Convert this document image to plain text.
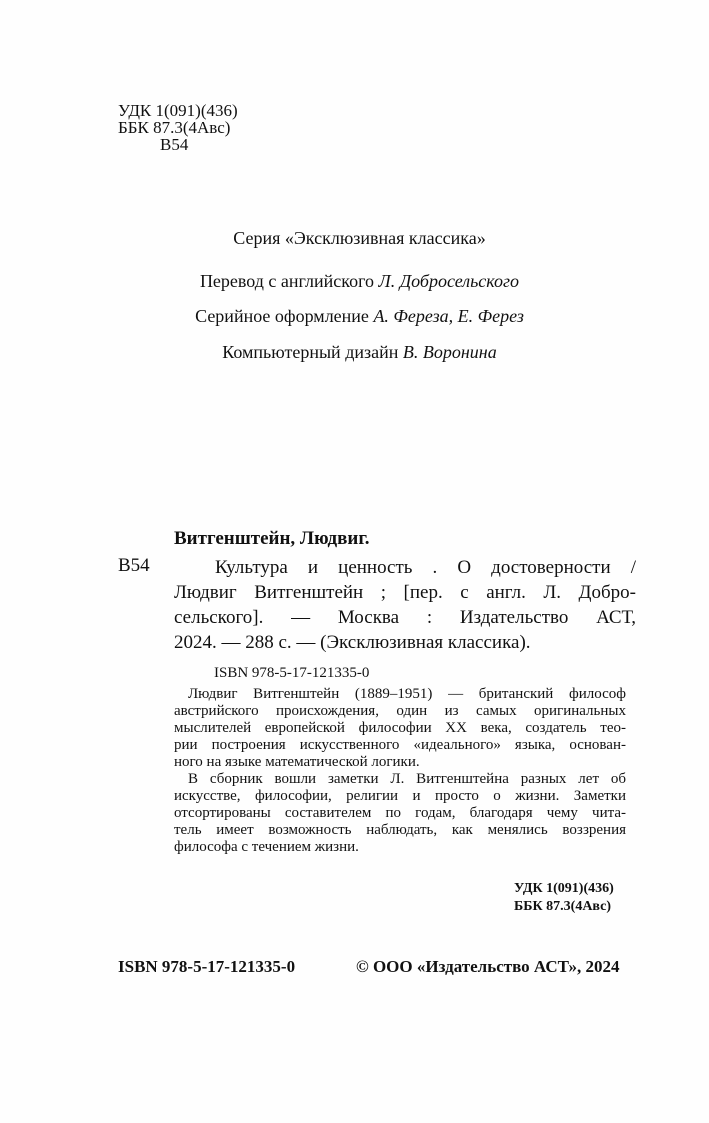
УДК 1(091)(436)
ББК 87.3(4Авс)
В54
Серия «Эксклюзивная классика»
Перевод с английского Л. Добросельского
Серийное оформление А. Фереза, Е. Ферез
Компьютерный дизайн В. Воронина
Витгенштейн, Людвиг.
В54	Культура и ценность . О достоверности /
Людвиг Витгенштейн ; [пер. с англ. Л. Добро-
сельского]. — Москва : Издательство АСТ,
2024. — 288 с. — (Эксклюзивная классика).
ISBN 978-5-17-121335-0
Людвиг Витгенштейн (1889–1951) — британский философ
австрийского происхождения, один из самых оригинальных
мыслителей европейской философии XX века, создатель тео-
рии построения искусственного «идеального» языка, основан-
ного на языке математической логики.
В сборник вошли заметки Л. Витгенштейна разных лет об
искусстве, философии, религии и просто о жизни. Заметки
отсортированы составителем по годам, благодаря чему чита-
тель имеет возможность наблюдать, как менялись воззрения
философа с течением жизни.
УДК 1(091)(436)
ББК 87.3(4Авс)
ISBN 978-5-17-121335-0	© ООО «Издательство АСТ», 2024
